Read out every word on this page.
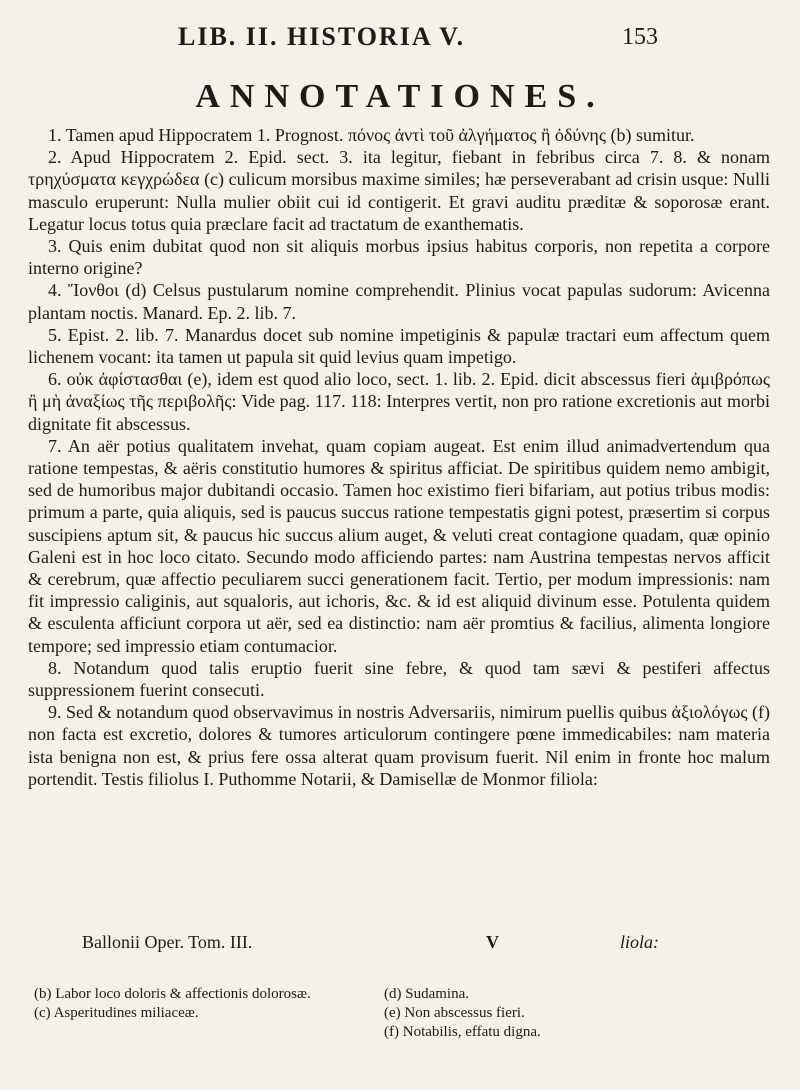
LIB. II. HISTORIA V.	153
ANNOTATIONES.

1. Tamen apud Hippocratem 1. Prognost. πόνος ἀντὶ τοῦ ἀλγήματος ἢ ὀδύνης (b) sumitur.

2. Apud Hippocratem 2. Epid. sect. 3. ita legitur, fiebant in febribus circa 7. 8. & nonam τρηχύσματα κεγχρώδεα (c) culicum morsibus maxime similes; hæ perseverabant ad crisin usque: Nulli masculo eruperunt: Nulla mulier obiit cui id contigerit. Et gravi auditu præditæ & soporosæ erant. Legatur locus totus quia præclare facit ad tractatum de exanthematis.

3. Quis enim dubitat quod non sit aliquis morbus ipsius habitus corporis, non repetita a corpore interno origine?

4. Ἴονθοι (d) Celsus pustularum nomine comprehendit. Plinius vocat papulas sudorum: Avicenna plantam noctis. Manard. Ep. 2. lib. 7.

5. Epist. 2. lib. 7. Manardus docet sub nomine impetiginis & papulæ tractari eum affectum quem lichenem vocant: ita tamen ut papula sit quid levius quam impetigo.

6. οὐκ ἀφίστασθαι (e), idem est quod alio loco, sect. 1. lib. 2. Epid. dicit abscessus fieri ἀμιβρόπως ἢ μὴ ἀναξίως τῆς περιβολῆς: Vide pag. 117. 118: Interpres vertit, non pro ratione excretionis aut morbi dignitate fit abscessus.

7. An aër potius qualitatem invehat, quam copiam augeat. Est enim illud animadvertendum qua ratione tempestas, & aëris constitutio humores & spiritus afficiat. De spiritibus quidem nemo ambigit, sed de humoribus major dubitandi occasio. Tamen hoc existimo fieri bifariam, aut potius tribus modis: primum a parte, quia aliquis, sed is paucus succus ratione tempestatis gigni potest, præsertim si corpus suscipiens aptum sit, & paucus hic succus alium auget, & veluti creat contagione quadam, quæ opinio Galeni est in hoc loco citato. Secundo modo afficiendo partes: nam Austrina tempestas nervos afficit & cerebrum, quæ affectio peculiarem succi generationem facit. Tertio, per modum impressionis: nam fit impressio caliginis, aut squaloris, aut ichoris, &c. & id est aliquid divinum esse. Potulenta quidem & esculenta afficiunt corpora ut aër, sed ea distinctio: nam aër promtius & facilius, alimenta longiore tempore; sed impressio etiam contumacior.

8. Notandum quod talis eruptio fuerit sine febre, & quod tam sævi & pestiferi affectus suppressionem fuerint consecuti.

9. Sed & notandum quod observavimus in nostris Adversariis, nimirum puellis quibus ἀξιολόγως (f) non facta est excretio, dolores & tumores articulorum contingere pœne immedicabiles: nam materia ista benigna non est, & prius fere ossa alterat quam provisum fuerit. Nil enim in fronte hoc malum portendit. Testis filiolus I. Puthomme Notarii, & Damisellæ de Monmor filiola:

Ballonii Oper. Tom. III.	V	liola:

(b) Labor loco doloris & affectionis dolorosæ.

(c) Asperitudines miliaceæ.

(d) Sudamina.

(e) Non abscessus fieri.

(f) Notabilis, effatu digna.
